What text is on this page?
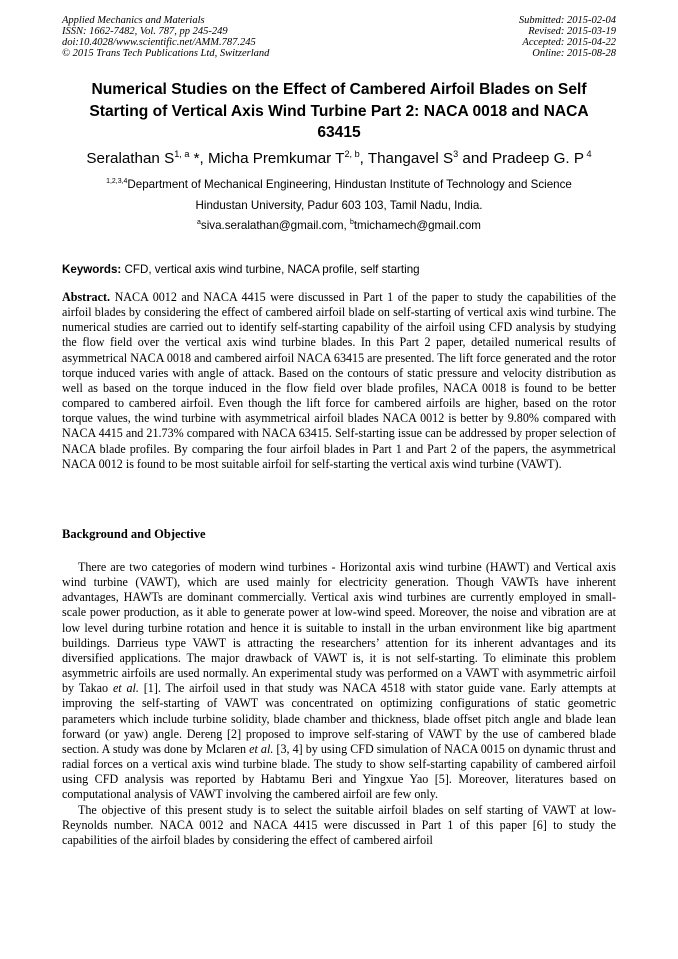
Applied Mechanics and Materials
ISSN: 1662-7482, Vol. 787, pp 245-249
doi:10.4028/www.scientific.net/AMM.787.245
© 2015 Trans Tech Publications Ltd, Switzerland
Submitted: 2015-02-04
Revised: 2015-03-19
Accepted: 2015-04-22
Online: 2015-08-28
Numerical Studies on the Effect of Cambered Airfoil Blades on Self
Starting of Vertical Axis Wind Turbine Part 2: NACA 0018 and NACA
63415
Seralathan S$^{1, a}$ *, Micha Premkumar T$^{2, b}$, Thangavel $S^3$ and Pradeep G. P $^4$
$^{1,2,3,4}$Department of Mechanical Engineering, Hindustan Institute of Technology and Science
Hindustan University, Padur 603 103, Tamil Nadu, India.
$^a$siva.seralathan@gmail.com, $^b$tmichamech@gmail.com
Keywords: CFD, vertical axis wind turbine, NACA profile, self starting
Abstract. NACA 0012 and NACA 4415 were discussed in Part 1 of the paper to study the capabilities of the airfoil blades by considering the effect of cambered airfoil blade on self-starting of vertical axis wind turbine. The numerical studies are carried out to identify self-starting capability of the airfoil using CFD analysis by studying the flow field over the vertical axis wind turbine blades. In this Part 2 paper, detailed numerical results of asymmetrical NACA 0018 and cambered airfoil NACA 63415 are presented. The lift force generated and the rotor torque induced varies with angle of attack. Based on the contours of static pressure and velocity distribution as well as based on the torque induced in the flow field over blade profiles, NACA 0018 is found to be better compared to cambered airfoil. Even though the lift force for cambered airfoils are higher, based on the rotor torque values, the wind turbine with asymmetrical airfoil blades NACA 0012 is better by 9.80% compared with NACA 4415 and 21.73% compared with NACA 63415. Self-starting issue can be addressed by proper selection of NACA blade profiles. By comparing the four airfoil blades in Part 1 and Part 2 of the papers, the asymmetrical NACA 0012 is found to be most suitable airfoil for self-starting the vertical axis wind turbine (VAWT).
Background and Objective

There are two categories of modern wind turbines - Horizontal axis wind turbine (HAWT) and Vertical axis wind turbine (VAWT), which are used mainly for electricity generation. Though VAWTs have inherent advantages, HAWTs are dominant commercially. Vertical axis wind turbines are currently employed in small-scale power production, as it able to generate power at low-wind speed. Moreover, the noise and vibration are at low level during turbine rotation and hence it is suitable to install in the urban environment like big apartment buildings. Darrieus type VAWT is attracting the researchers’ attention for its inherent advantages and its diversified applications. The major drawback of VAWT is, it is not self-starting. To eliminate this problem asymmetric airfoils are used normally. An experimental study was performed on a VAWT with asymmetric airfoil by Takao et al. [1]. The airfoil used in that study was NACA 4518 with stator guide vane. Early attempts at improving the self-starting of VAWT was concentrated on optimizing configurations of static geometric parameters which include turbine solidity, blade chamber and thickness, blade offset pitch angle and blade lean forward (or yaw) angle. Dereng [2] proposed to improve self-staring of VAWT by the use of cambered blade section. A study was done by Mclaren et al. [3, 4] by using CFD simulation of NACA 0015 on dynamic thrust and radial forces on a vertical axis wind turbine blade. The study to show self-starting capability of cambered airfoil using CFD analysis was reported by Habtamu Beri and Yingxue Yao [5]. Moreover, literatures based on computational analysis of VAWT involving the cambered airfoil are few only.

The objective of this present study is to select the suitable airfoil blades on self starting of VAWT at low-Reynolds number. NACA 0012 and NACA 4415 were discussed in Part 1 of this paper [6] to study the capabilities of the airfoil blades by considering the effect of cambered airfoil
